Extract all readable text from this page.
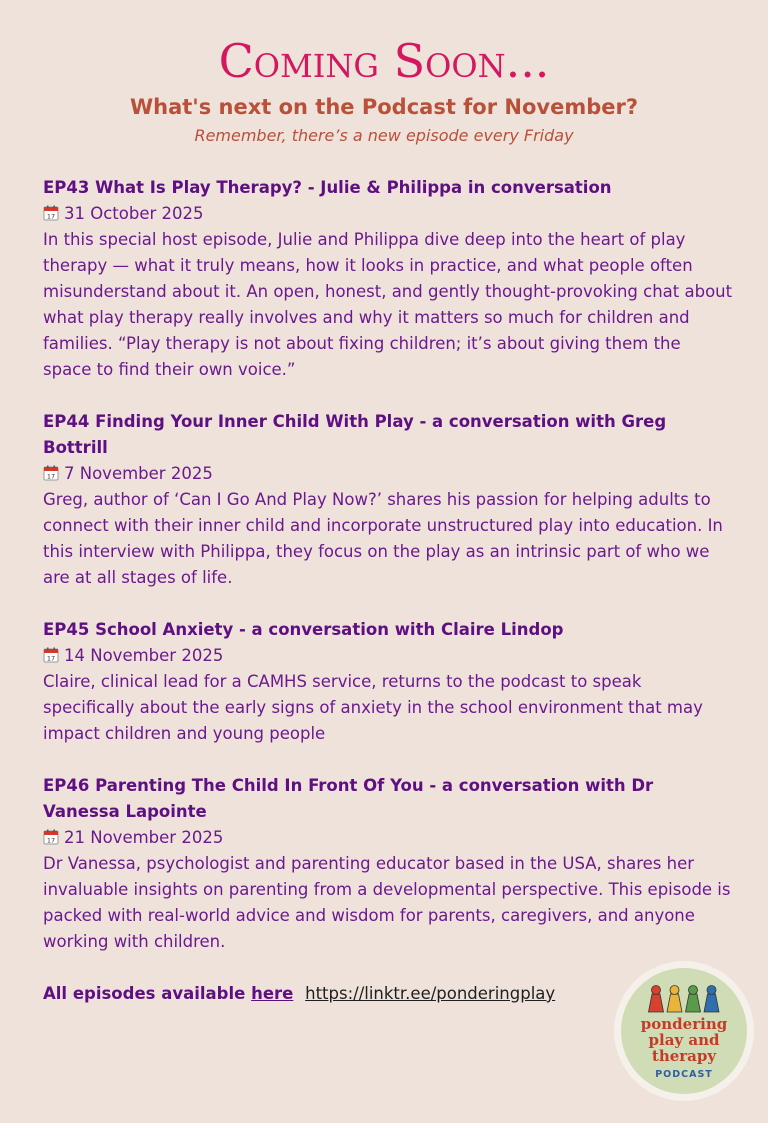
Coming Soon...
What's next on the Podcast for November?
Remember, there’s a new episode every Friday
EP43 What Is Play Therapy? - Julie & Philippa in conversation
17 31 October 2025
In this special host episode, Julie and Philippa dive deep into the heart of play therapy — what it truly means, how it looks in practice, and what people often misunderstand about it. An open, honest, and gently thought-provoking chat about what play therapy really involves and why it matters so much for children and families. “Play therapy is not about fixing children; it’s about giving them the space to find their own voice.”
EP44 Finding Your Inner Child With Play - a conversation with Greg Bottrill
17 7 November 2025
Greg, author of ‘Can I Go And Play Now?’ shares his passion for helping adults to connect with their inner child and incorporate unstructured play into education. In this interview with Philippa, they focus on the play as an intrinsic part of who we are at all stages of life.
EP45 School Anxiety - a conversation with Claire Lindop
17 14 November 2025
Claire, clinical lead for a CAMHS service, returns to the podcast to speak specifically about the early signs of anxiety in the school environment that may impact children and young people
EP46 Parenting The Child In Front Of You - a conversation with Dr Vanessa Lapointe
17 21 November 2025
Dr Vanessa, psychologist and parenting educator based in the USA, shares her invaluable insights on parenting from a developmental perspective. This episode is packed with real-world advice and wisdom for parents, caregivers, and anyone working with children.
All episodes available here https://linktr.ee/ponderingplay
pondering
play and
therapy
PODCAST
